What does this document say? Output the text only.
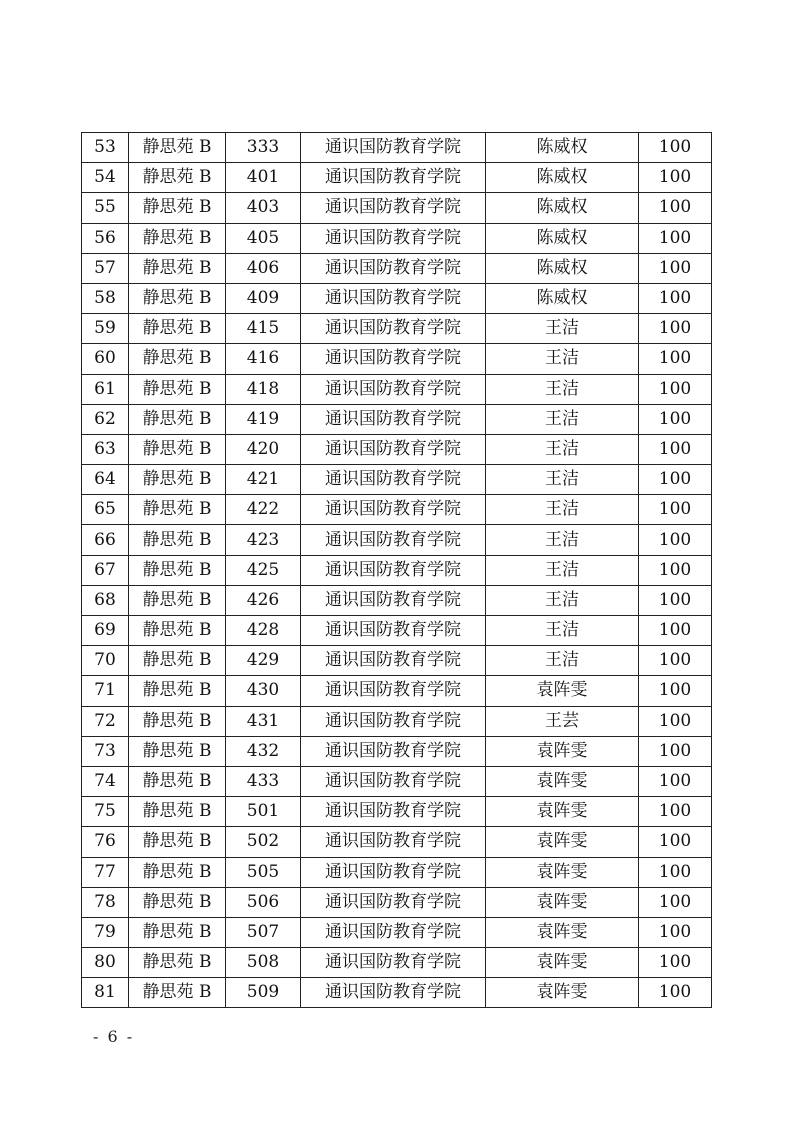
53	静思苑 B	333	通识国防教育学院	陈威权	100
54	静思苑 B	401	通识国防教育学院	陈威权	100
55	静思苑 B	403	通识国防教育学院	陈威权	100
56	静思苑 B	405	通识国防教育学院	陈威权	100
57	静思苑 B	406	通识国防教育学院	陈威权	100
58	静思苑 B	409	通识国防教育学院	陈威权	100
59	静思苑 B	415	通识国防教育学院	王洁	100
60	静思苑 B	416	通识国防教育学院	王洁	100
61	静思苑 B	418	通识国防教育学院	王洁	100
62	静思苑 B	419	通识国防教育学院	王洁	100
63	静思苑 B	420	通识国防教育学院	王洁	100
64	静思苑 B	421	通识国防教育学院	王洁	100
65	静思苑 B	422	通识国防教育学院	王洁	100
66	静思苑 B	423	通识国防教育学院	王洁	100
67	静思苑 B	425	通识国防教育学院	王洁	100
68	静思苑 B	426	通识国防教育学院	王洁	100
69	静思苑 B	428	通识国防教育学院	王洁	100
70	静思苑 B	429	通识国防教育学院	王洁	100
71	静思苑 B	430	通识国防教育学院	袁阵雯	100
72	静思苑 B	431	通识国防教育学院	王芸	100
73	静思苑 B	432	通识国防教育学院	袁阵雯	100
74	静思苑 B	433	通识国防教育学院	袁阵雯	100
75	静思苑 B	501	通识国防教育学院	袁阵雯	100
76	静思苑 B	502	通识国防教育学院	袁阵雯	100
77	静思苑 B	505	通识国防教育学院	袁阵雯	100
78	静思苑 B	506	通识国防教育学院	袁阵雯	100
79	静思苑 B	507	通识国防教育学院	袁阵雯	100
80	静思苑 B	508	通识国防教育学院	袁阵雯	100
81	静思苑 B	509	通识国防教育学院	袁阵雯	100
- 6 -
